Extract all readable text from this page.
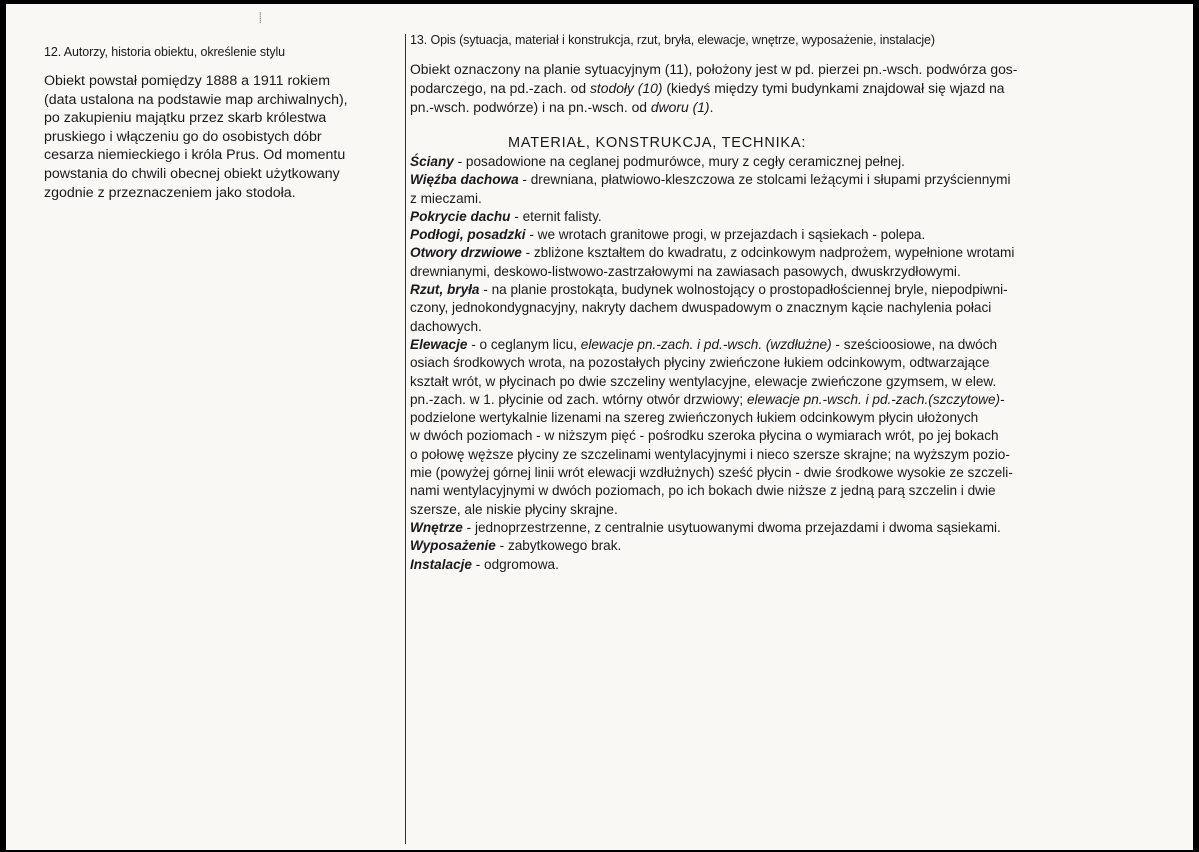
⸽

12. Autorzy, historia obiektu, określenie stylu

Obiekt powstał pomiędzy 1888 a 1911 rokiem
(data ustalona na podstawie map archiwalnych),
po zakupieniu majątku przez skarb królestwa
pruskiego i włączeniu go do osobistych dóbr
cesarza niemieckiego i króla Prus. Od momentu
powstania do chwili obecnej obiekt użytkowany
zgodnie z przeznaczeniem jako stodoła.

13. Opis (sytuacja, materiał i konstrukcja, rzut, bryła, elewacje, wnętrze, wyposażenie, instalacje)

Obiekt oznaczony na planie sytuacyjnym (11), położony jest w pd. pierzei pn.-wsch. podwórza gos-
podarczego, na pd.-zach. od stodoły (10) (kiedyś między tymi budynkami znajdował się wjazd na
pn.-wsch. podwórze) i na pn.-wsch. od dworu (1).

MATERIAŁ, KONSTRUKCJA, TECHNIKA:

Ściany - posadowione na ceglanej podmurówce, mury z cegły ceramicznej pełnej.

Więźba dachowa - drewniana, płatwiowo-kleszczowa ze stolcami leżącymi i słupami przyściennymi
z mieczami.

Pokrycie dachu - eternit falisty.

Podłogi, posadzki - we wrotach granitowe progi, w przejazdach i sąsiekach - polepa.

Otwory drzwiowe - zbliżone kształtem do kwadratu, z odcinkowym nadprożem, wypełnione wrotami
drewnianymi, deskowo-listwowo-zastrzałowymi na zawiasach pasowych, dwuskrzydłowymi.

Rzut, bryła - na planie prostokąta, budynek wolnostojący o prostopadłościennej bryle, niepodpiwni-
czony, jednokondygnacyjny, nakryty dachem dwuspadowym o znacznym kącie nachylenia połaci
dachowych.

Elewacje - o ceglanym licu, elewacje pn.-zach. i pd.-wsch. (wzdłużne) - sześcioosiowe, na dwóch
osiach środkowych wrota, na pozostałych płyciny zwieńczone łukiem odcinkowym, odtwarzające
kształt wrót, w płycinach po dwie szczeliny wentylacyjne, elewacje zwieńczone gzymsem, w elew.
pn.-zach. w 1. płycinie od zach. wtórny otwór drzwiowy; elewacje pn.-wsch. i pd.-zach.(szczytowe)-
podzielone wertykalnie lizenami na szereg zwieńczonych łukiem odcinkowym płycin ułożonych
w dwóch poziomach - w niższym pięć - pośrodku szeroka płycina o wymiarach wrót, po jej bokach
o połowę węższe płyciny ze szczelinami wentylacyjnymi i nieco szersze skrajne; na wyższym pozio-
mie (powyżej górnej linii wrót elewacji wzdłużnych) sześć płycin - dwie środkowe wysokie ze szczeli-
nami wentylacyjnymi w dwóch poziomach, po ich bokach dwie niższe z jedną parą szczelin i dwie
szersze, ale niskie płyciny skrajne.

Wnętrze - jednoprzestrzenne, z centralnie usytuowanymi dwoma przejazdami i dwoma sąsiekami.

Wyposażenie - zabytkowego brak.

Instalacje - odgromowa.
